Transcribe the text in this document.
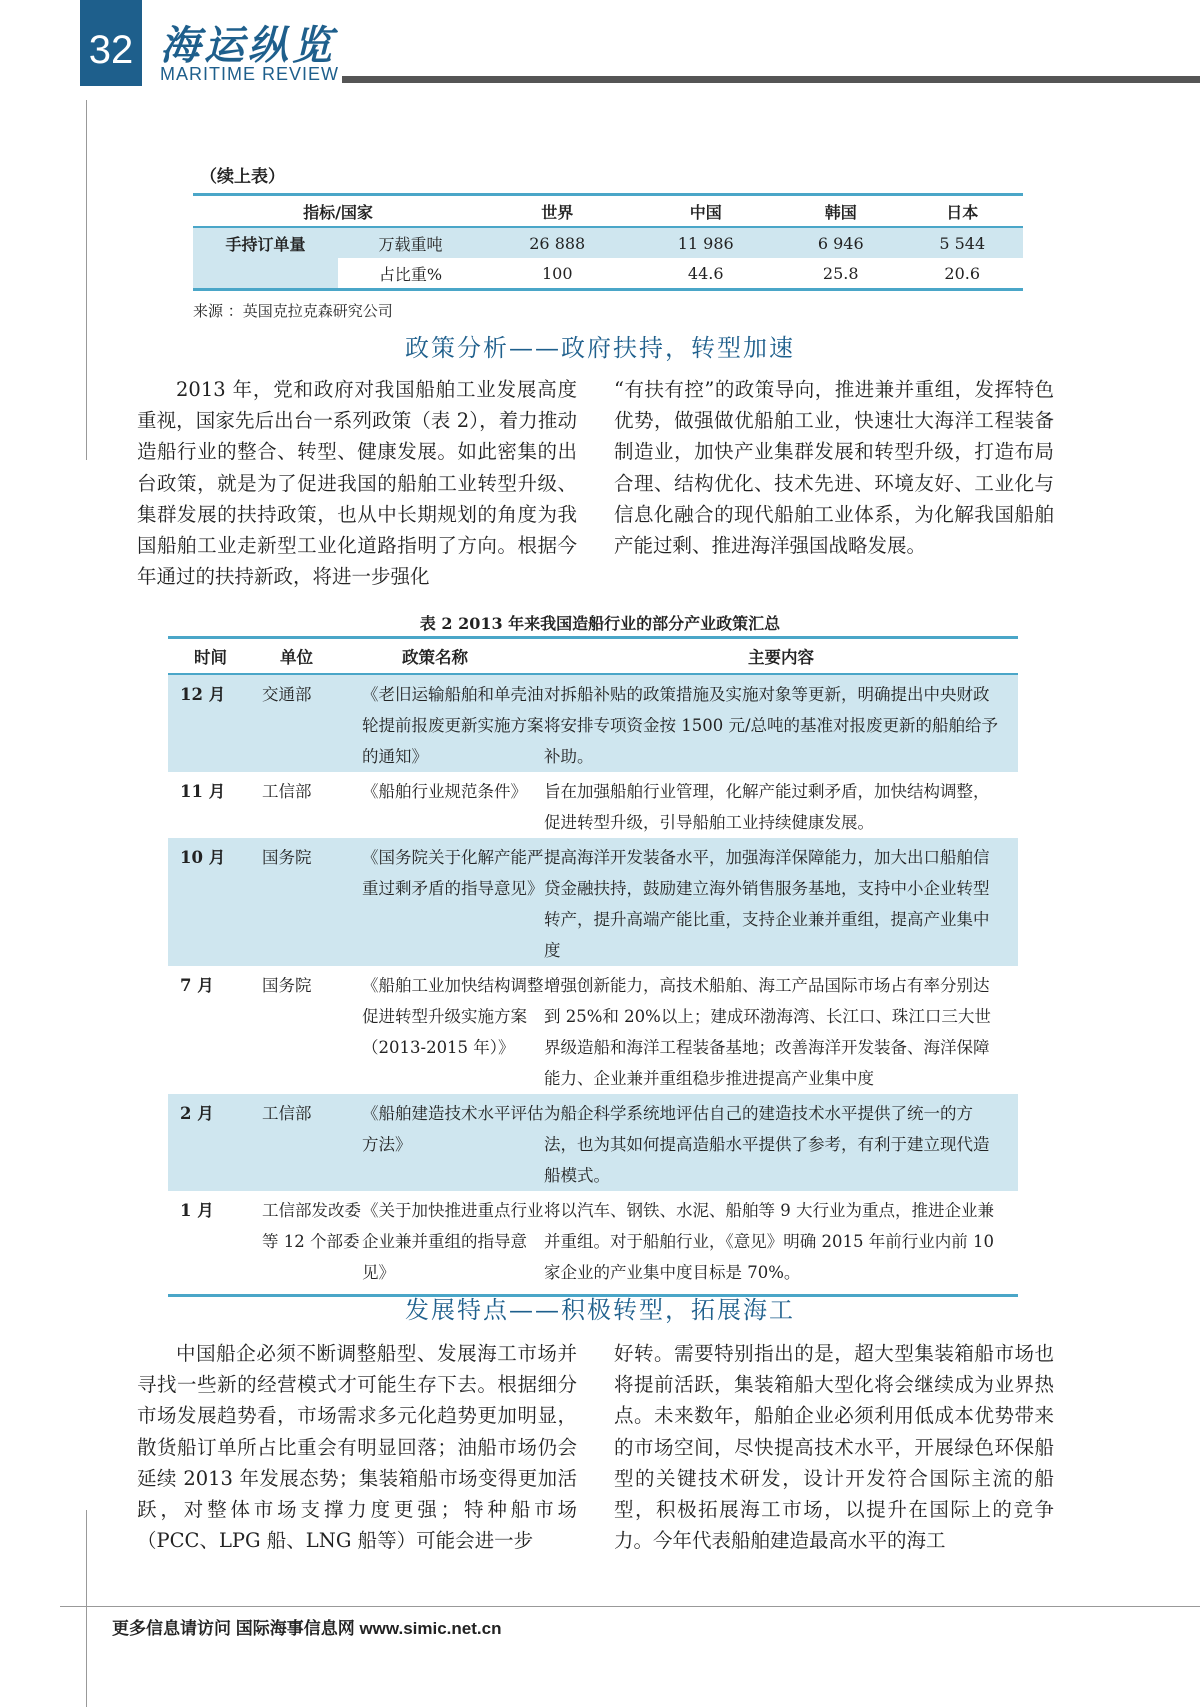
32 海运纵览
MARITIME REVIEW
（续上表）
指标/国家		世界	中国	韩国	日本
手持订单量	万载重吨	26 888	11 986	6 946	5 544
	占比重%	100	44.6	25.8	20.6
来源 ：英国克拉克森研究公司
政策分析——政府扶持，转型加速

2013 年，党和政府对我国船舶工业发展高度重视，国家先后出台一系列政策（表 2），着力推动造船行业的整合、转型、健康发展。如此密集的出台政策，就是为了促进我国的船舶工业转型升级、集群发展的扶持政策，也从中长期规划的角度为我国船舶工业走新型工业化道路指明了方向。根据今年通过的扶持新政，将进一步强化

“有扶有控”的政策导向，推进兼并重组，发挥特色优势，做强做优船舶工业，快速壮大海洋工程装备制造业，加快产业集群发展和转型升级，打造布局合理、结构优化、技术先进、环境友好、工业化与信息化融合的现代船舶工业体系，为化解我国船舶产能过剩、推进海洋强国战略发展。

表 2 2013 年来我国造船行业的部分产业政策汇总
时间	单位	政策名称	主要内容
12 月	交通部	《老旧运输船舶和单壳油轮提前报废更新实施方案的通知》	对拆船补贴的政策措施及实施对象等更新，明确提出中央财政将安排专项资金按 1500 元/总吨的基准对报废更新的船舶给予补助。
11 月	工信部	《船舶行业规范条件》	旨在加强船舶行业管理，化解产能过剩矛盾，加快结构调整，促进转型升级，引导船舶工业持续健康发展。
10 月	国务院	《国务院关于化解产能严重过剩矛盾的指导意见》	提高海洋开发装备水平，加强海洋保障能力，加大出口船舶信贷金融扶持，鼓励建立海外销售服务基地，支持中小企业转型转产，提升高端产能比重，支持企业兼并重组，提高产业集中度
7 月	国务院	《船舶工业加快结构调整促进转型升级实施方案（2013-2015 年）》	增强创新能力，高技术船舶、海工产品国际市场占有率分别达到 25%和 20%以上；建成环渤海湾、长江口、珠江口三大世界级造船和海洋工程装备基地；改善海洋开发装备、海洋保障能力、企业兼并重组稳步推进提高产业集中度
2 月	工信部	《船舶建造技术水平评估方法》	为船企科学系统地评估自己的建造技术水平提供了统一的方法，也为其如何提高造船水平提供了参考，有利于建立现代造船模式。
1 月	工信部发改委等 12 个部委	《关于加快推进重点行业企业兼并重组的指导意见》	将以汽车、钢铁、水泥、船舶等 9 大行业为重点，推进企业兼并重组。对于船舶行业，《意见》明确 2015 年前行业内前 10 家企业的产业集中度目标是 70%。
发展特点——积极转型，拓展海工

中国船企必须不断调整船型、发展海工市场并寻找一些新的经营模式才可能生存下去。根据细分市场发展趋势看，市场需求多元化趋势更加明显，散货船订单所占比重会有明显回落；油船市场仍会延续 2013 年发展态势；集装箱船市场变得更加活跃，对整体市场支撑力度更强；特种船市场（PCC、LPG 船、LNG 船等）可能会进一步

好转。需要特别指出的是，超大型集装箱船市场也将提前活跃，集装箱船大型化将会继续成为业界热点。未来数年，船舶企业必须利用低成本优势带来的市场空间，尽快提高技术水平，开展绿色环保船型的关键技术研发，设计开发符合国际主流的船型，积极拓展海工市场，以提升在国际上的竞争力。今年代表船舶建造最高水平的海工

更多信息请访问 国际海事信息网 www.simic.net.cn
